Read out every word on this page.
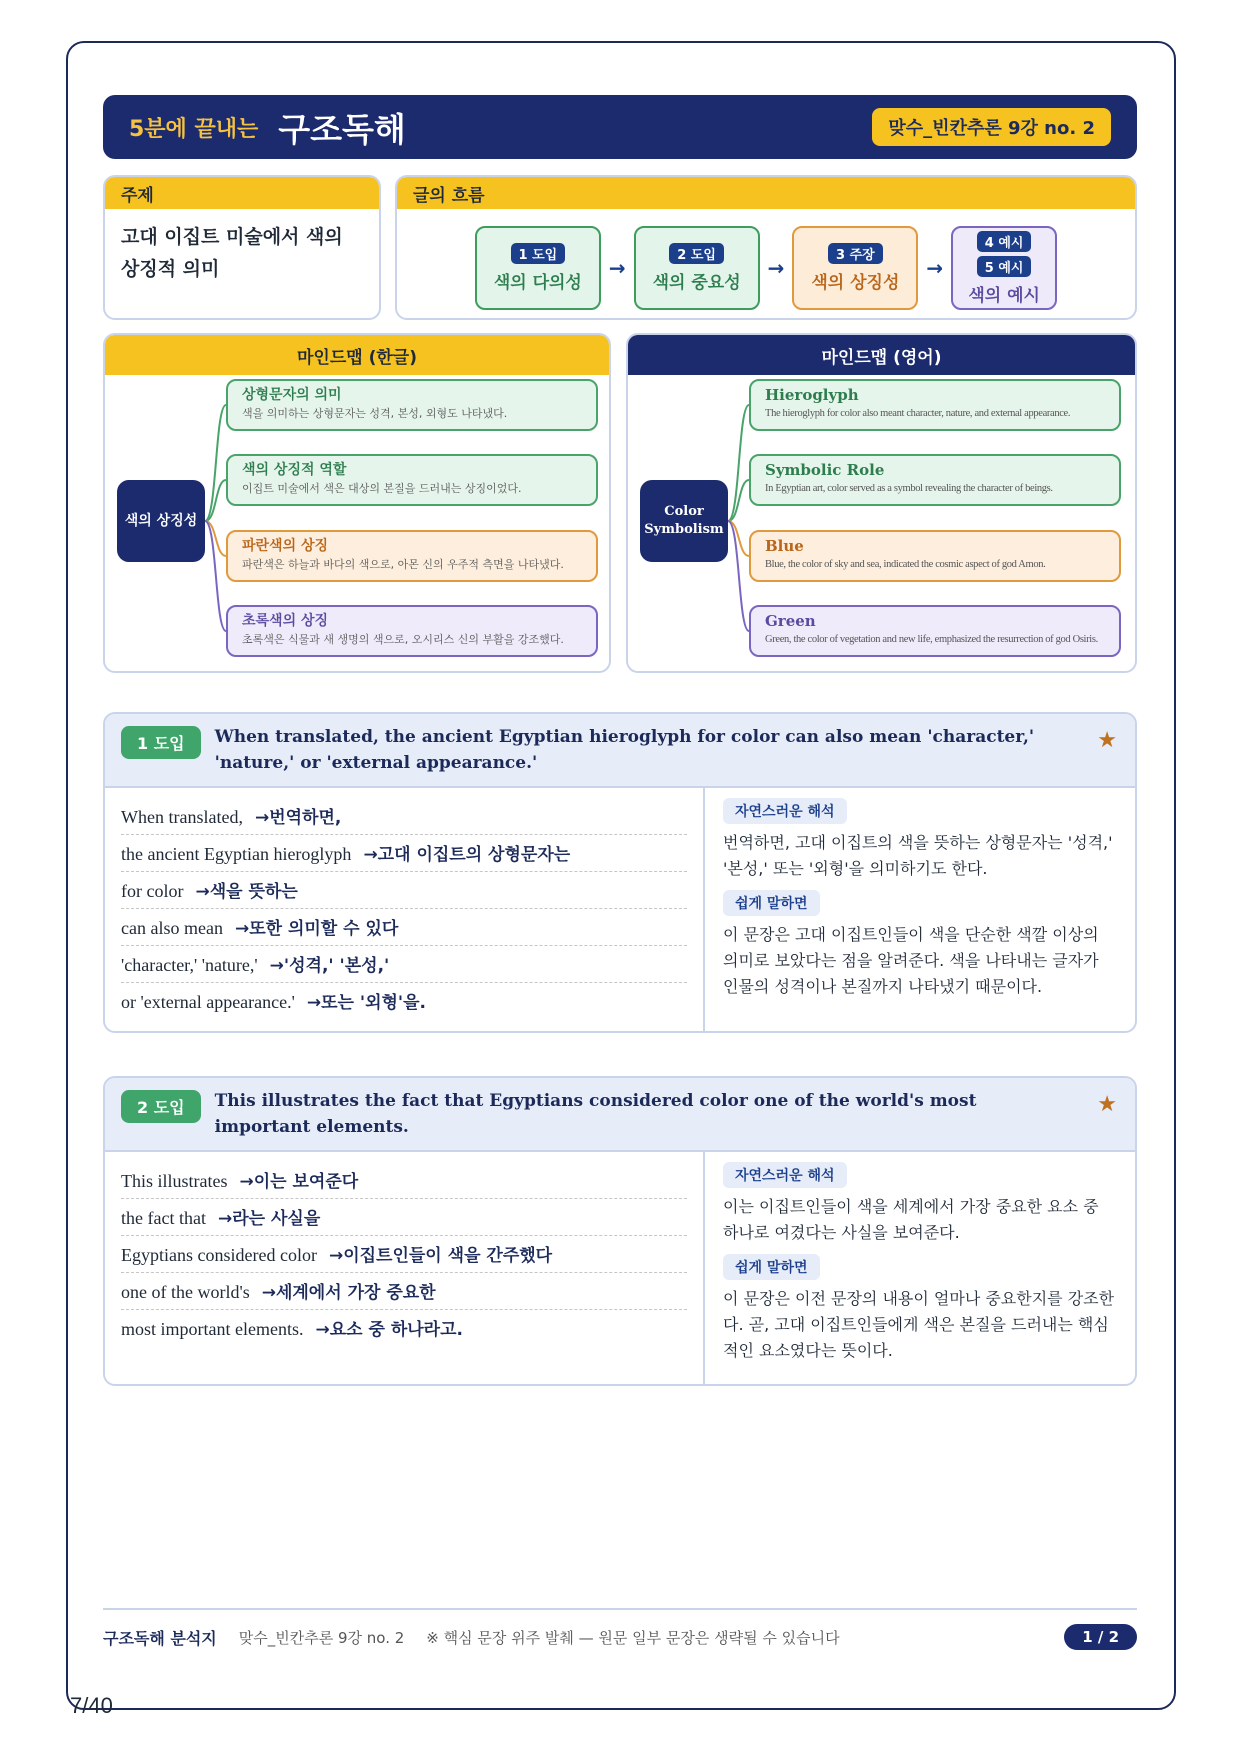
5분에 끝내는 구조독해	맞수_빈칸추론 9강 no. 2
주제
고대 이집트 미술에서 색의 상징적 의미
글의 흐름
1 도입
색의 다의성
→
2 도입
색의 중요성
→
3 주장
색의 상징성
→
4 예시
5 예시
색의 예시
마인드맵 (한글)
색의 상징성
상형문자의 의미
색을 의미하는 상형문자는 성격, 본성, 외형도 나타냈다.
색의 상징적 역할
이집트 미술에서 색은 대상의 본질을 드러내는 상징이었다.
파란색의 상징
파란색은 하늘과 바다의 색으로, 아몬 신의 우주적 측면을 나타냈다.
초록색의 상징
초록색은 식물과 새 생명의 색으로, 오시리스 신의 부활을 강조했다.
마인드맵 (영어)
Color Symbolism
Hieroglyph
The hieroglyph for color also meant character, nature, and external appearance.
Symbolic Role
In Egyptian art, color served as a symbol revealing the character of beings.
Blue
Blue, the color of sky and sea, indicated the cosmic aspect of god Amon.
Green
Green, the color of vegetation and new life, emphasized the resurrection of god Osiris.
1 도입	When translated, the ancient Egyptian hieroglyph for color can also mean 'character,' 'nature,' or 'external appearance.'
★
When translated, →번역하면,
the ancient Egyptian hieroglyph →고대 이집트의 상형문자는
for color →색을 뜻하는
can also mean →또한 의미할 수 있다
'character,' 'nature,' →'성격,' '본성,'
or 'external appearance.' →또는 '외형'을.
자연스러운 해석

번역하면, 고대 이집트의 색을 뜻하는 상형문자는 '성격,' '본성,' 또는 '외형'을 의미하기도 한다.

쉽게 말하면

이 문장은 고대 이집트인들이 색을 단순한 색깔 이상의 의미로 보았다는 점을 알려준다. 색을 나타내는 글자가 인물의 성격이나 본질까지 나타냈기 때문이다.

2 도입	This illustrates the fact that Egyptians considered color one of the world's most important elements.
★
This illustrates →이는 보여준다
the fact that →라는 사실을
Egyptians considered color →이집트인들이 색을 간주했다
one of the world's →세계에서 가장 중요한
most important elements. →요소 중 하나라고.
자연스러운 해석

이는 이집트인들이 색을 세계에서 가장 중요한 요소 중 하나로 여겼다는 사실을 보여준다.

쉽게 말하면

이 문장은 이전 문장의 내용이 얼마나 중요한지를 강조한다. 곧, 고대 이집트인들에게 색은 본질을 드러내는 핵심적인 요소였다는 뜻이다.

구조독해 분석지 맞수_빈칸추론 9강 no. 2 ※ 핵심 문장 위주 발췌 — 원문 일부 문장은 생략될 수 있습니다	1 / 2
7/40
